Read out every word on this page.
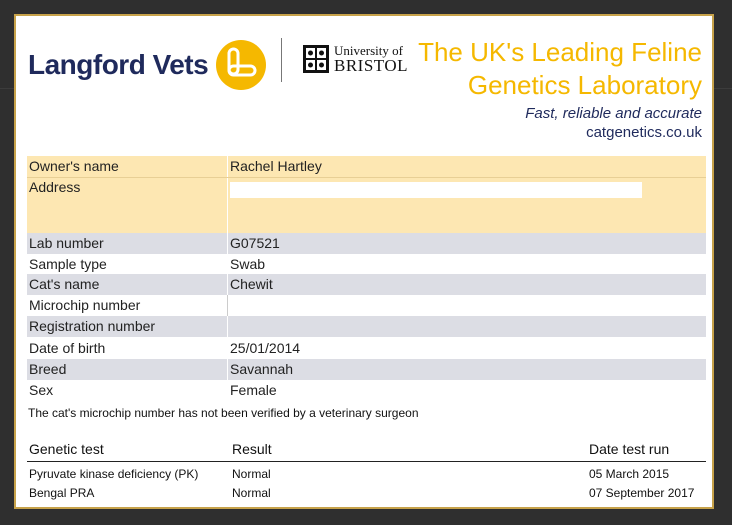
Langford Vets	University of
BRISTOL The UK's Leading Feline
Genetics Laboratory
Fast, reliable and accurate
catgenetics.co.uk
Owner's name	Rachel Hartley
Address
Lab number	G07521
Sample type	Swab
Cat's name	Chewit
Microchip number
Registration number
Date of birth	25/01/2014
Breed	Savannah
Sex	Female
The cat's microchip number has not been verified by a veterinary surgeon
Genetic test	Result	Date test run
Pyruvate kinase deficiency (PK)	Normal	05 March 2015
Bengal PRA	Normal	07 September 2017
